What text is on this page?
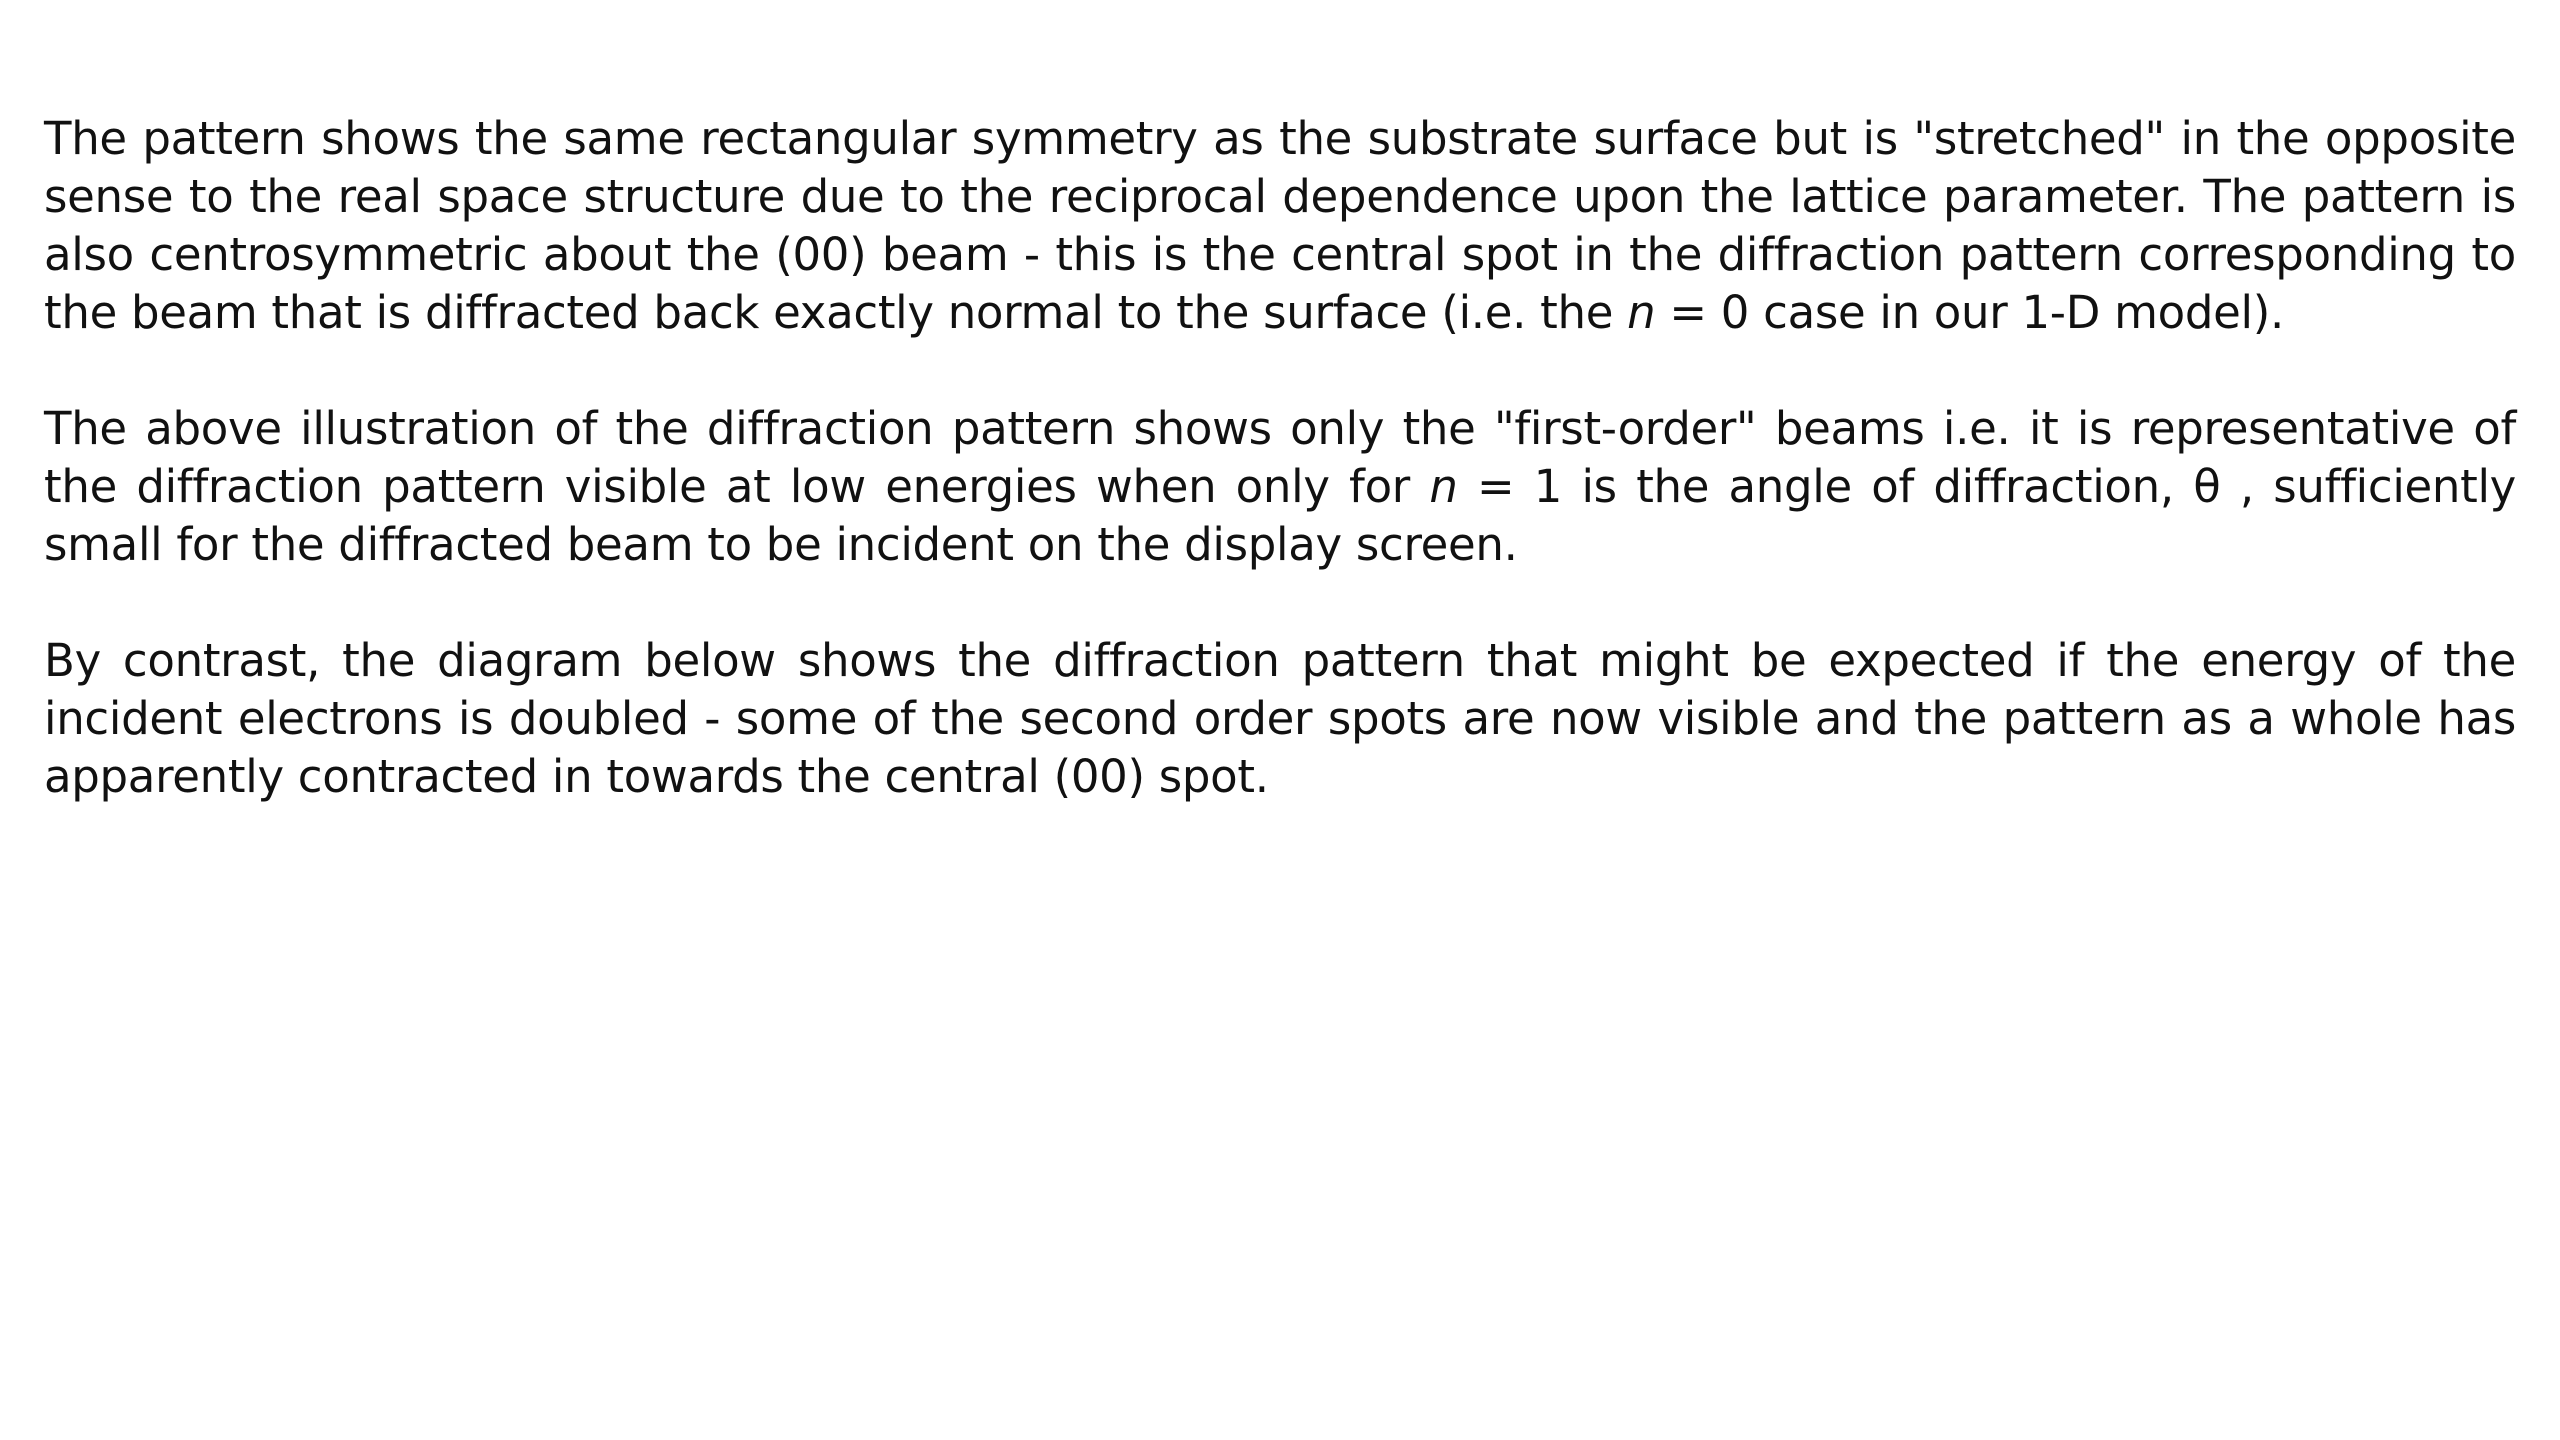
The pattern shows the same rectangular symmetry as the substrate surface but is "stretched" in the opposite sense to the real space structure due to the reciprocal dependence upon the lattice parameter. The pattern is also centrosymmetric about the (00) beam - this is the central spot in the diffraction pattern corresponding to the beam that is diffracted back exactly normal to the surface (i.e. the n = 0 case in our 1-D model).

The above illustration of the diffraction pattern shows only the "first-order" beams i.e. it is representative of the diffraction pattern visible at low energies when only for n = 1 is the angle of diffraction, θ , sufficiently small for the diffracted beam to be incident on the display screen.

By contrast, the diagram below shows the diffraction pattern that might be expected if the energy of the incident electrons is doubled - some of the second order spots are now visible and the pattern as a whole has apparently contracted in towards the central (00) spot.
